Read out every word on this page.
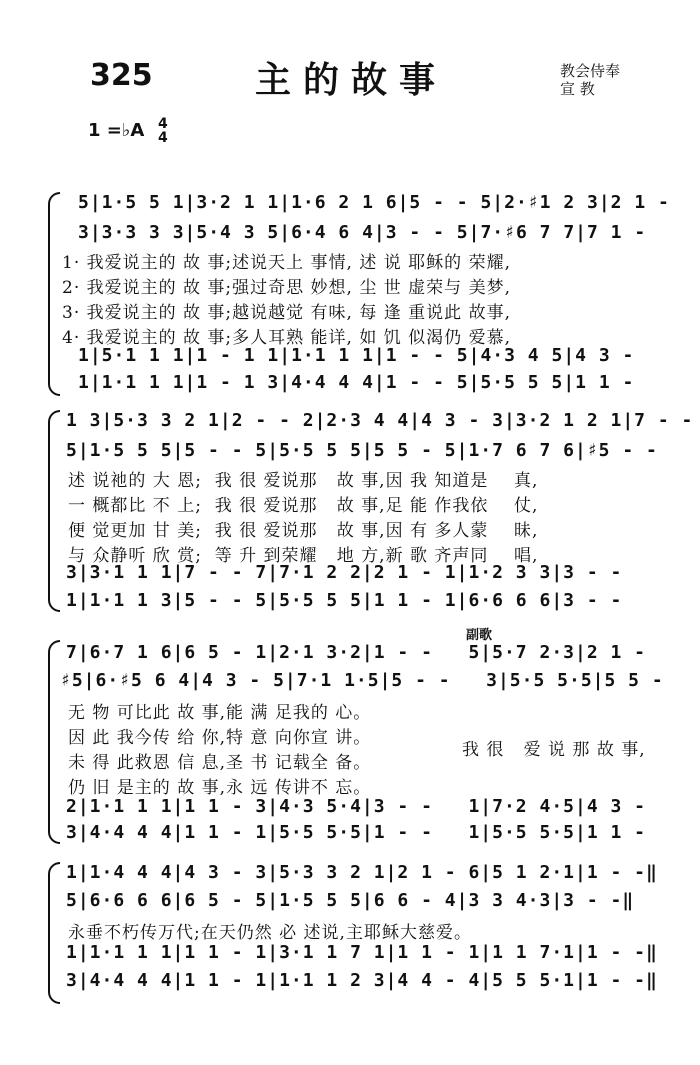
325	主的故事	教会侍奉
宣 教
1 =♭A 4
4
5|1·5 5 1|3·2 1 1|1·6 2 1 6|5 - - 5|2·♯1 2 3|2 1 -
3|3·3 3 3|5·4 3 5|6·4 6 4|3 - - 5|7·♯6 7 7|7 1 -
1· 我爱说主的 故 事;述说天上 事情, 述 说 耶稣的 荣耀,
2· 我爱说主的 故 事;强过奇思 妙想, 尘 世 虚荣与 美梦,
3· 我爱说主的 故 事;越说越觉 有味, 每 逢 重说此 故事,
4· 我爱说主的 故 事;多人耳熟 能详, 如 饥 似渴仍 爱慕,
1|5·1 1 1|1 - 1 1|1·1 1 1|1 - - 5|4·3 4 5|4 3 -
1|1·1 1 1|1 - 1 3|4·4 4 4|1 - - 5|5·5 5 5|1 1 -
1 3|5·3 3 2 1|2 - - 2|2·3 4 4|4 3 - 3|3·2 1 2 1|7 - -
5|1·5 5 5|5 - - 5|5·5 5 5|5 5 - 5|1·7 6 7 6|♯5 - -
述 说祂的 大 恩;  我 很 爱说那   故 事,因 我 知道是    真,
一 概都比 不 上;  我 很 爱说那   故 事,足 能 作我依    仗,
便 觉更加 甘 美;  我 很 爱说那   故 事,因 有 多人蒙    昧,
与 众静听 欣 赏;  等 升 到荣耀   地 方,新 歌 齐声同    唱,
3|3·1 1 1|7 - - 7|7·1 2 2|2 1 - 1|1·2 3 3|3 - -
1|1·1 1 3|5 - - 5|5·5 5 5|1 1 - 1|6·6 6 6|3 - -
副歌
7|6·7 1 6|6 5 - 1|2·1 3·2|1 - -   5|5·7 2·3|2 1 -
♯5|6·♯5 6 4|4 3 - 5|7·1 1·5|5 - -   3|5·5 5·5|5 5 -
无 物 可比此 故 事,能 满 足我的 心。
因 此 我今传 给 你,特 意 向你宣 讲。
未 得 此救恩 信 息,圣 书 记载全 备。
仍 旧 是主的 故 事,永 远 传讲不 忘。
我 很   爱 说 那 故 事,
2|1·1 1 1|1 1 - 3|4·3 5·4|3 - -   1|7·2 4·5|4 3 -
3|4·4 4 4|1 1 - 1|5·5 5·5|1 - -   1|5·5 5·5|1 1 -
1|1·4 4 4|4 3 - 3|5·3 3 2 1|2 1 - 6|5 1 2·1|1 - -‖
5|6·6 6 6|6 5 - 5|1·5 5 5|6 6 - 4|3 3 4·3|3 - -‖
永垂不朽传万代;在天仍然 必 述说,主耶稣大慈爱。
1|1·1 1 1|1 1 - 1|3·1 1 7 1|1 1 - 1|1 1 7·1|1 - -‖
3|4·4 4 4|1 1 - 1|1·1 1 2 3|4 4 - 4|5 5 5·1|1 - -‖
